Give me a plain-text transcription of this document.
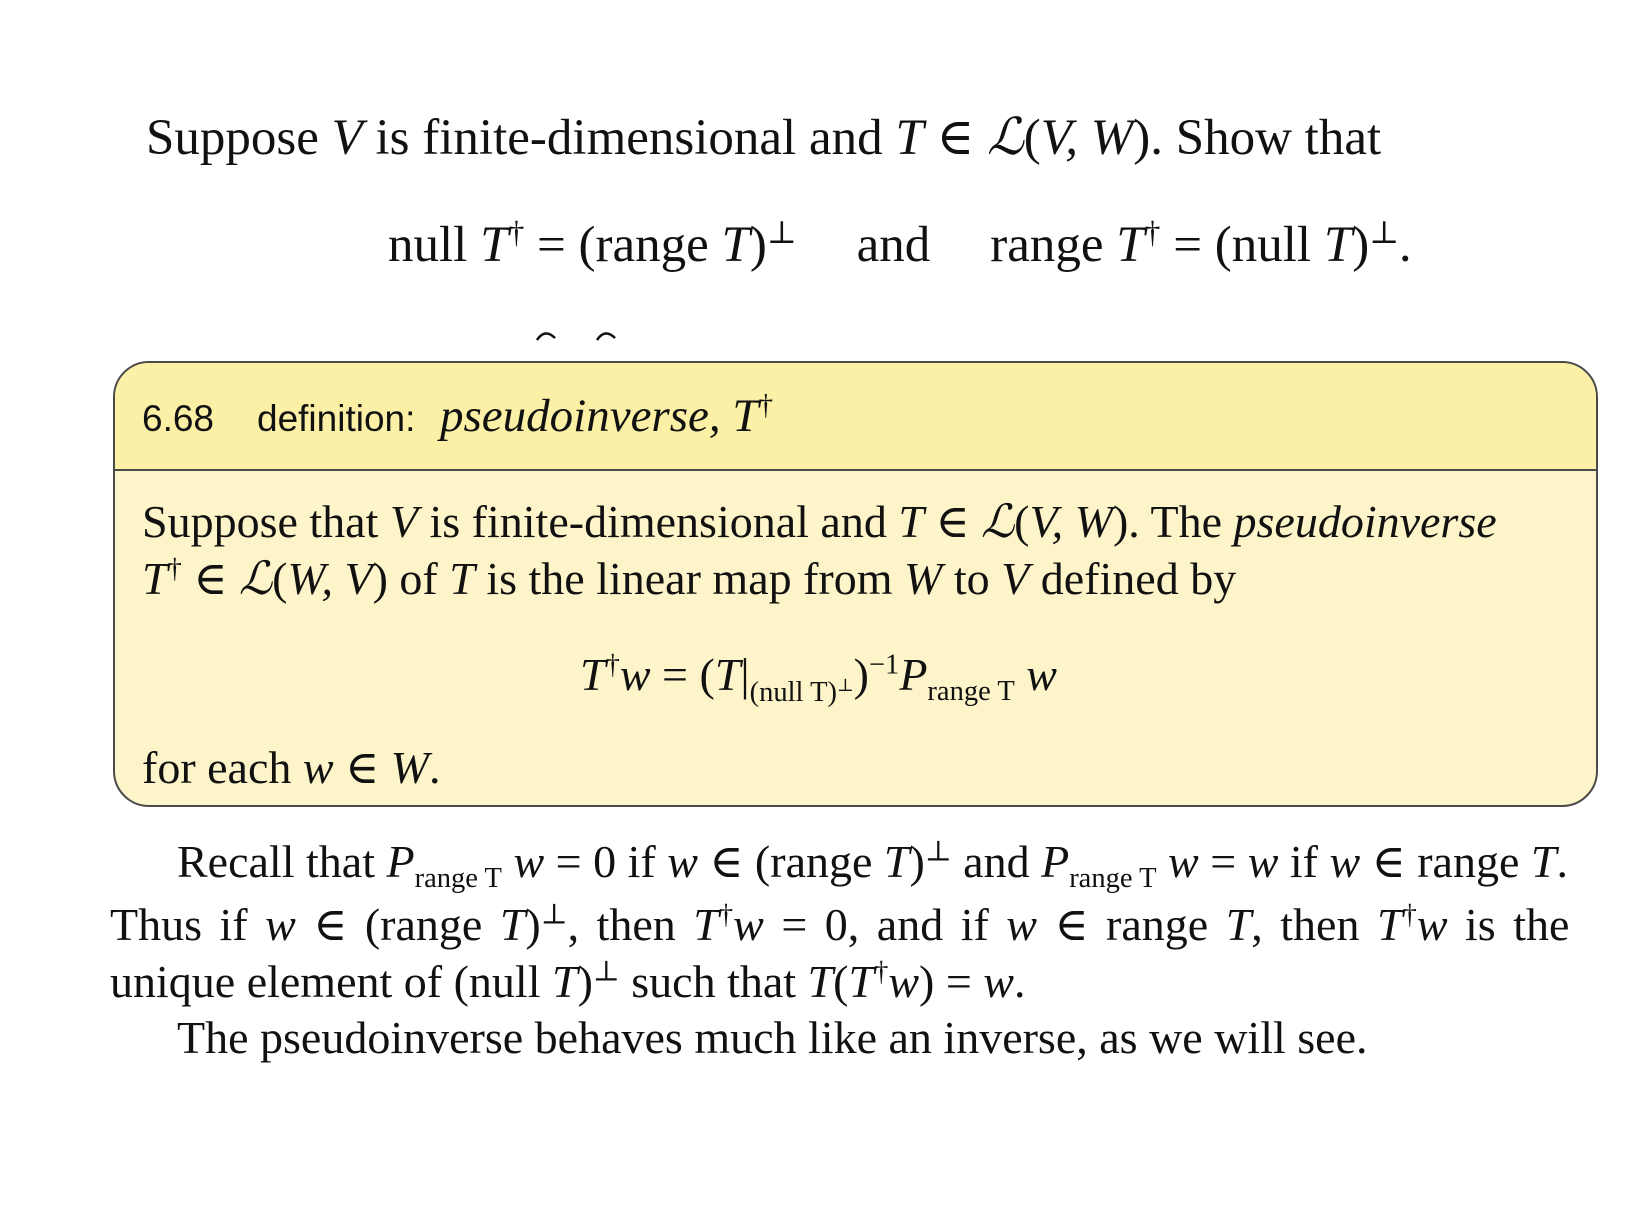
Suppose V is finite-dimensional and T ∈ ℒ(V, W). Show that
null T† = (range T)⊥ and range T† = (null T)⊥.
6.68 definition: pseudoinverse, T†
Suppose that V is finite-dimensional and T ∈ ℒ(V, W). The pseudoinverse
T† ∈ ℒ(W, V) of T is the linear map from W to V defined by
$T^\dagger w = (T|_{(null T)^\perp})^{-1}P_{range T}$ w
for each w ∈ W.
Recall that $P_{range T}$ w = 0 if w ∈ (range T)⊥ and $P_{range T}$ w = w if w ∈ range T.
Thus if w ∈ (range T)⊥, then T†w = 0, and if w ∈ range T, then T†w is the
unique element of (null T)⊥ such that T(T†w) = w.
The pseudoinverse behaves much like an inverse, as we will see.
